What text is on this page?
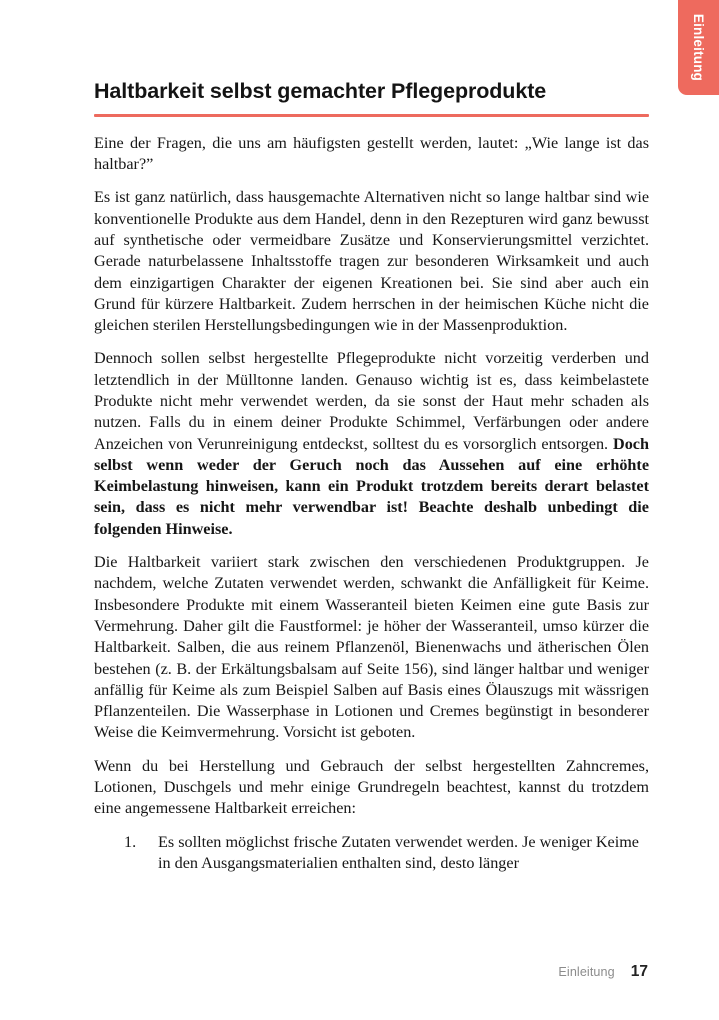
Einleitung
Haltbarkeit selbst gemachter Pflegeprodukte

Eine der Fragen, die uns am häufigsten gestellt werden, lautet: „Wie lange ist das haltbar?”

Es ist ganz natürlich, dass hausgemachte Alternativen nicht so lange haltbar sind wie konventionelle Produkte aus dem Handel, denn in den Rezepturen wird ganz bewusst auf synthetische oder vermeidbare Zusätze und Konservierungsmittel verzichtet. Gerade naturbelassene Inhaltsstoffe tragen zur besonderen Wirksamkeit und auch dem einzigartigen Charakter der eigenen Kreationen bei. Sie sind aber auch ein Grund für kürzere Haltbarkeit. Zudem herrschen in der heimischen Küche nicht die gleichen sterilen Herstellungsbedingungen wie in der Massenproduktion.

Dennoch sollen selbst hergestellte Pflegeprodukte nicht vorzeitig verderben und letztendlich in der Mülltonne landen. Genauso wichtig ist es, dass keimbelastete Produkte nicht mehr verwendet werden, da sie sonst der Haut mehr schaden als nutzen. Falls du in einem deiner Produkte Schimmel, Verfärbungen oder andere Anzeichen von Verunreinigung entdeckst, solltest du es vorsorglich entsorgen. Doch selbst wenn weder der Geruch noch das Aussehen auf eine erhöhte Keimbelastung hinweisen, kann ein Produkt trotzdem bereits derart belastet sein, dass es nicht mehr verwendbar ist! Beachte deshalb unbedingt die folgenden Hinweise.

Die Haltbarkeit variiert stark zwischen den verschiedenen Produktgruppen. Je nachdem, welche Zutaten verwendet werden, schwankt die Anfälligkeit für Keime. Insbesondere Produkte mit einem Wasseranteil bieten Keimen eine gute Basis zur Vermehrung. Daher gilt die Faustformel: je höher der Wasseranteil, umso kürzer die Haltbarkeit. Salben, die aus reinem Pflanzenöl, Bienenwachs und ätherischen Ölen bestehen (z. B. der Erkältungsbalsam auf Seite 156), sind länger haltbar und weniger anfällig für Keime als zum Beispiel Salben auf Basis eines Ölauszugs mit wässrigen Pflanzenteilen. Die Wasserphase in Lotionen und Cremes begünstigt in besonderer Weise die Keimvermehrung. Vorsicht ist geboten.

Wenn du bei Herstellung und Gebrauch der selbst hergestellten Zahncremes, Lotionen, Duschgels und mehr einige Grundregeln beachtest, kannst du trotzdem eine angemessene Haltbarkeit erreichen:

1.	Es sollten möglichst frische Zutaten verwendet werden. Je weniger Keime in den Ausgangsmaterialien enthalten sind, desto länger
Einleitung 17
